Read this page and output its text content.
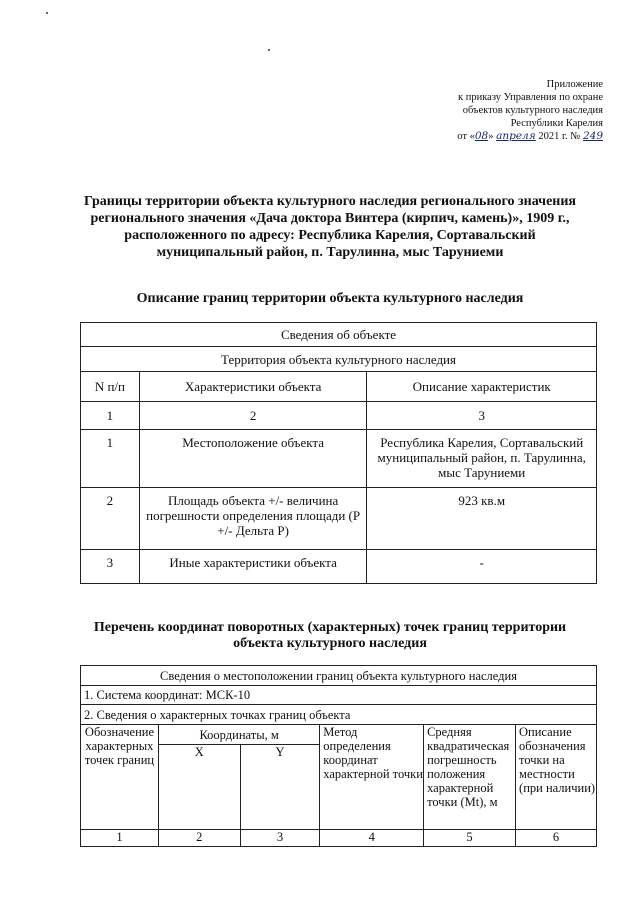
Приложение
к приказу Управления по охране
объектов культурного наследия
Республики Карелия
от «08» апреля 2021 г. № 249
Границы территории объекта культурного наследия регионального значения
регионального значения «Дача доктора Винтера (кирпич, камень)», 1909 г.,
расположенного по адресу: Республика Карелия, Сортавальский
муниципальный район, п. Тарулинна, мыс Таруниеми
Описание границ территории объекта культурного наследия
Сведения об объекте		
Территория объекта культурного наследия		
N п/п	Характеристики объекта	Описание характеристик
1	2	3
1	Местоположение объекта	Республика Карелия, Сортавальский муниципальный район, п. Тарулинна, мыс Таруниеми
2	Площадь объекта +/- величина погрешности определения площади (P +/- Дельта P)	923 кв.м
3	Иные характеристики объекта	-
Перечень координат поворотных (характерных) точек границ территории
объекта культурного наследия
Сведения о местоположении границ объекта культурного наследия					
1. Система координат: МСК-10					
2. Сведения о характерных точках границ объекта					
Обозначение характерных точек границ	Координаты, м		Метод определения координат характерной точки	Средняя квадратическая погрешность положения характерной точки (Mt), м	Описание обозначения точки на местности (при наличии)
	X	Y			
1	2	3	4	5	6
